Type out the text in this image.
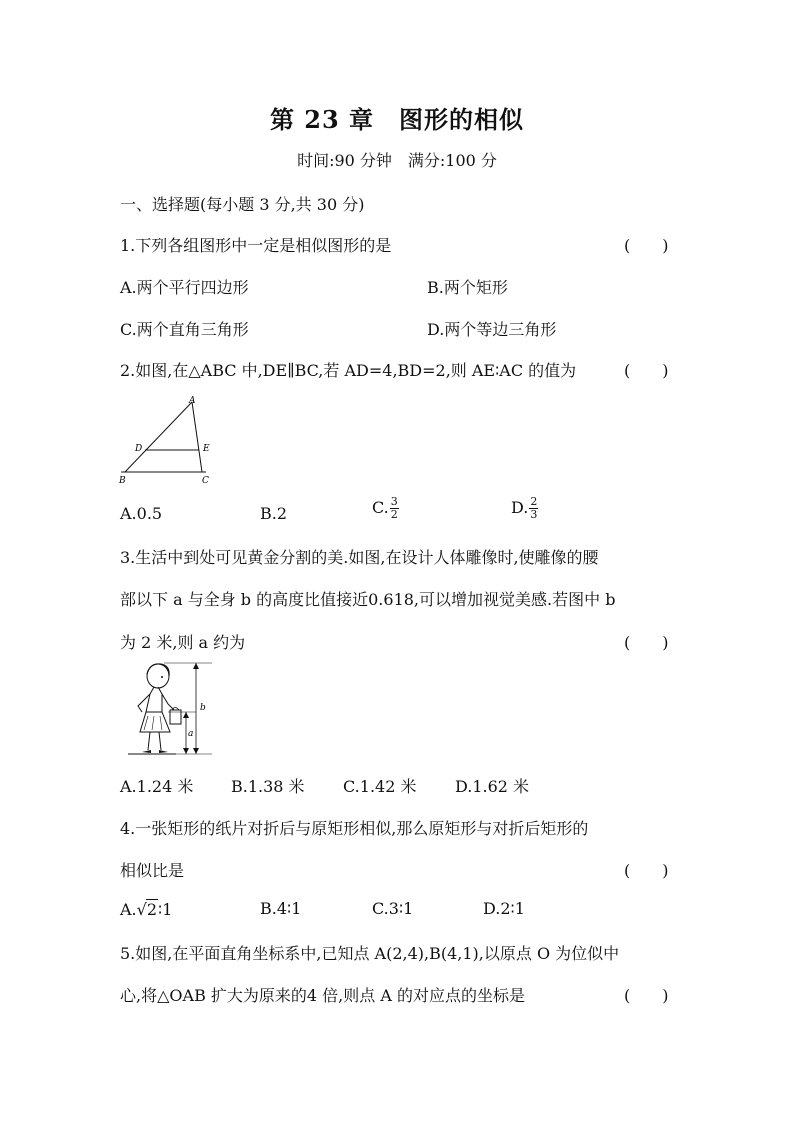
第 23 章　图形的相似
时间:90 分钟　满分:100 分
一、选择题(每小题 3 分,共 30 分)
1.下列各组图形中一定是相似图形的是	(　　)
A.两个平行四边形	B.两个矩形
C.两个直角三角形	D.两个等边三角形
2.如图,在△ABC 中,DE∥BC,若 AD=4,BD=2,则 AE∶AC 的值为	(　　)
A
D	E
B	C
A.0.5	B.2	C. $\frac{3}{2}$	D. $\frac{2}{3}$
3.生活中到处可见黄金分割的美.如图,在设计人体雕像时,使雕像的腰
部以下 a 与全身 b 的高度比值接近0.618,可以增加视觉美感.若图中 b
为 2 米,则 a 约为	(　　)
b
a
A.1.24 米 B.1.38 米 C.1.42 米 D.1.62 米
4.一张矩形的纸片对折后与原矩形相似,那么原矩形与对折后矩形的
相似比是	(　　)
A.√2∶1	B.4∶1	C.3∶1	D.2∶1
5.如图,在平面直角坐标系中,已知点 A(2,4),B(4,1),以原点 O 为位似中
心,将△OAB 扩大为原来的4 倍,则点 A 的对应点的坐标是	(　　)
